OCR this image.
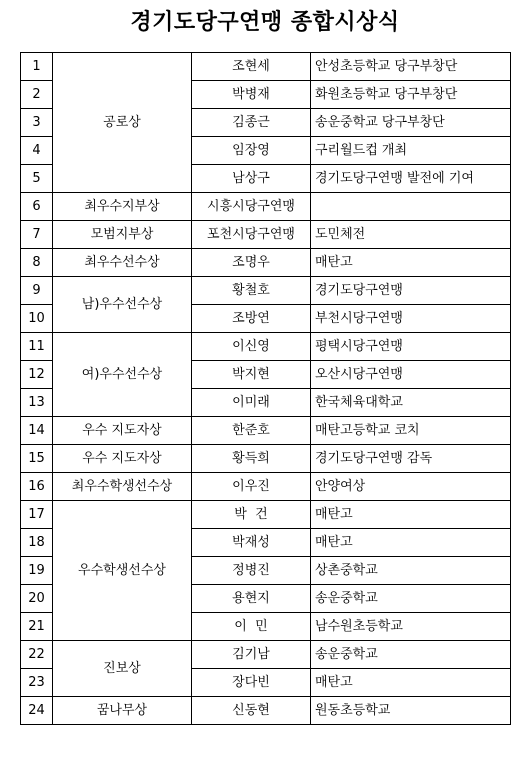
경기도당구연맹 종합시상식
1	공로상	조현세	안성초등학교 당구부창단
2		박병재	화원초등학교 당구부창단
3		김종근	송운중학교 당구부창단
4		임장영	구리월드컵 개최
5		남상구	경기도당구연맹 발전에 기여
6	최우수지부상	시흥시당구연맹	
7	모범지부상	포천시당구연맹	도민체전
8	최우수선수상	조명우	매탄고
9	남)우수선수상	황철호	경기도당구연맹
10		조방연	부천시당구연맹
11	여)우수선수상	이신영	평택시당구연맹
12		박지현	오산시당구연맹
13		이미래	한국체육대학교
14	우수 지도자상	한준호	매탄고등학교 코치
15	우수 지도자상	황득희	경기도당구연맹 감독
16	최우수학생선수상	이우진	안양여상
17	우수학생선수상	박  건	매탄고
18		박재성	매탄고
19		정병진	상촌중학교
20		용현지	송운중학교
21		이  민	남수원초등학교
22	진보상	김기남	송운중학교
23		장다빈	매탄고
24	꿈나무상	신동현	원동초등학교
